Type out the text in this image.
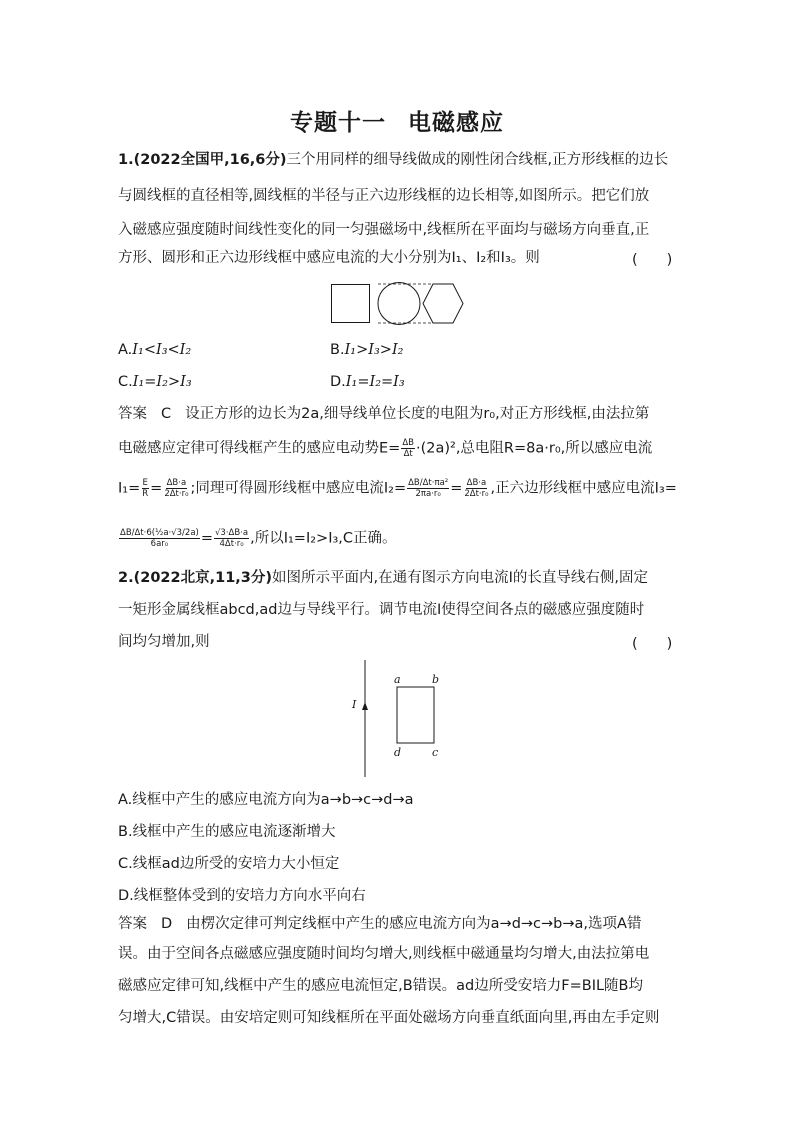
专题十一 电磁感应
1.(2022全国甲,16,6分)三个用同样的细导线做成的刚性闭合线框,正方形线框的边长
与圆线框的直径相等,圆线框的半径与正六边形线框的边长相等,如图所示。把它们放
入磁感应强度随时间线性变化的同一匀强磁场中,线框所在平面均与磁场方向垂直,正
方形、圆形和正六边形线框中感应电流的大小分别为I₁、I₂和I₃。则	(　　)
A.I₁<I₃<I₂	B.I₁>I₃>I₂
C.I₁=I₂>I₃	D.I₁=I₂=I₃
答案 C 设正方形的边长为2a,细导线单位长度的电阻为r₀,对正方形线框,由法拉第
电磁感应定律可得线框产生的感应电动势$E= \frac{\Delta B}{\Delta t} \cdot(2a)^2$,总电阻R=8a·r₀,所以感应电流
$I_1= \frac{E}{R} = \frac{\Delta B\cdot a}{\text{2Δt·r₀}}$ ;同理可得圆形线框中感应电流$I_2= \frac{\text{ΔB/Δt·πa²}}{\text{2πa·r₀}} = \frac{\Delta B\cdot a}{\text{2Δt·r₀}}$ ,正六边形线框中感应电流I₃=
$\frac{\text{ΔB/Δt·6(½a·√3/2a)}}{\text{6ar₀}} = \frac{√3\cdot\Delta B\cdot a}{\text{4Δt·r₀}}$ ,所以I₁=I₂>I₃,C正确。
2.(2022北京,11,3分)如图所示平面内,在通有图示方向电流I的长直导线右侧,固定
一矩形金属线框abcd,ad边与导线平行。调节电流I使得空间各点的磁感应强度随时
间均匀增加,则	(　　)
I
a	b
d	c
A.线框中产生的感应电流方向为a→b→c→d→a
B.线框中产生的感应电流逐渐增大
C.线框ad边所受的安培力大小恒定
D.线框整体受到的安培力方向水平向右
答案 D 由楞次定律可判定线框中产生的感应电流方向为a→d→c→b→a,选项A错
误。由于空间各点磁感应强度随时间均匀增大,则线框中磁通量均匀增大,由法拉第电
磁感应定律可知,线框中产生的感应电流恒定,B错误。ad边所受安培力F=BIL随B均
匀增大,C错误。由安培定则可知线框所在平面处磁场方向垂直纸面向里,再由左手定则
